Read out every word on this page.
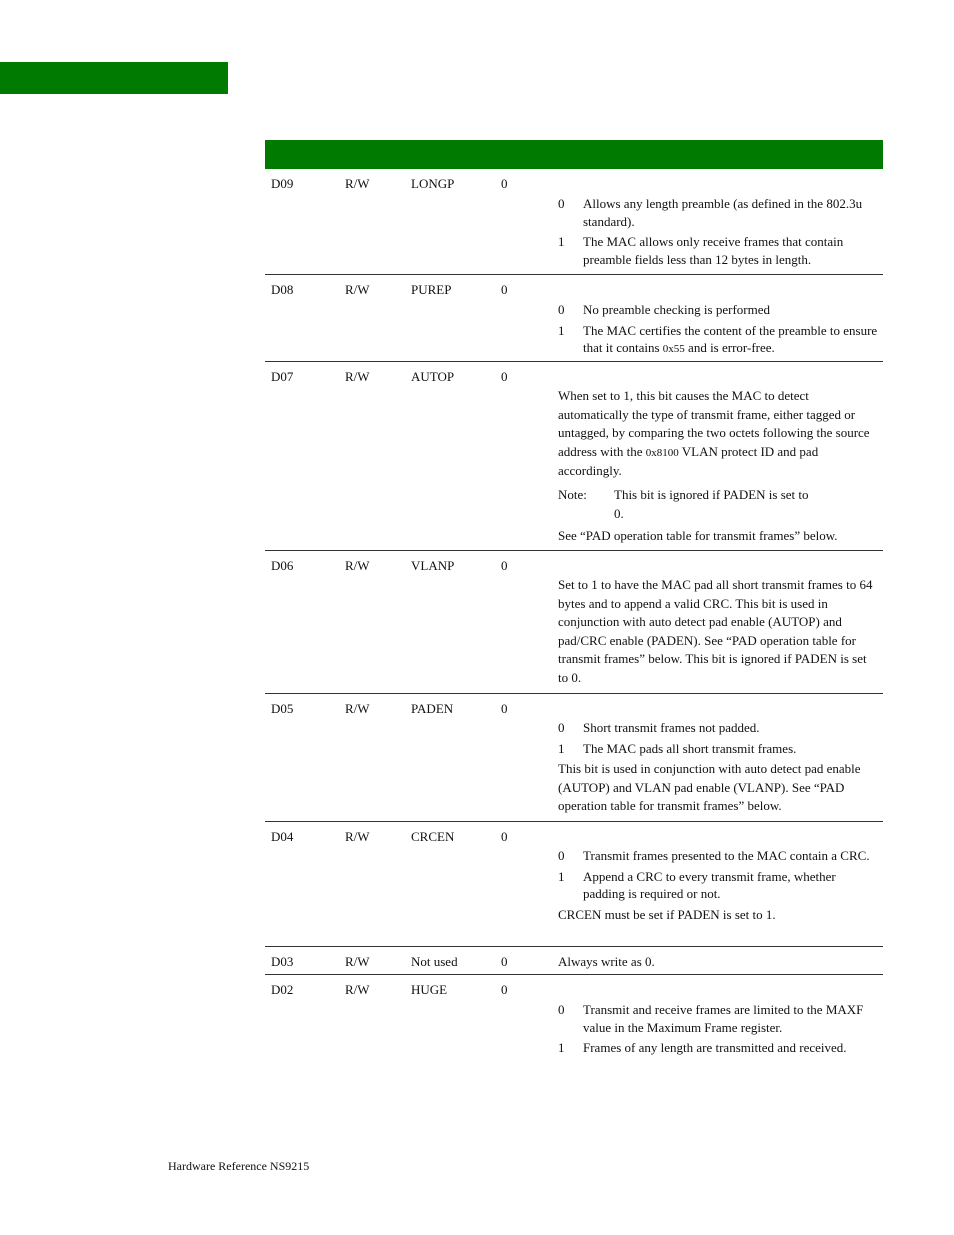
D09	R/W	LONGP	0
0 Allows any length preamble (as defined in the 802.3u standard).
1 The MAC allows only receive frames that contain preamble fields less than 12 bytes in length.
D08	R/W	PUREP	0
0 No preamble checking is performed
1 The MAC certifies the content of the preamble to ensure that it contains 0x55 and is error-free.
D07	R/W	AUTOP	0

When set to 1, this bit causes the MAC to detect automatically the type of transmit frame, either tagged or untagged, by comparing the two octets following the source address with the 0x8100 VLAN protect ID and pad accordingly.

Note: This bit is ignored if PADEN is set to 0.

See “PAD operation table for transmit frames” below.

D06	R/W	VLANP	0

Set to 1 to have the MAC pad all short transmit frames to 64 bytes and to append a valid CRC. This bit is used in conjunction with auto detect pad enable (AUTOP) and pad/CRC enable (PADEN). See “PAD operation table for transmit frames” below. This bit is ignored if PADEN is set to 0.

D05	R/W	PADEN	0
0 Short transmit frames not padded.
1 The MAC pads all short transmit frames.

This bit is used in conjunction with auto detect pad enable (AUTOP) and VLAN pad enable (VLANP). See “PAD operation table for transmit frames” below.

D04	R/W	CRCEN	0
0 Transmit frames presented to the MAC contain a CRC.
1 Append a CRC to every transmit frame, whether padding is required or not.

CRCEN must be set if PADEN is set to 1.

D03	R/W	Not used	0	Always write as 0.
D02	R/W	HUGE	0
0 Transmit and receive frames are limited to the MAXF value in the Maximum Frame register.
1 Frames of any length are transmitted and received.
Hardware Reference NS9215
